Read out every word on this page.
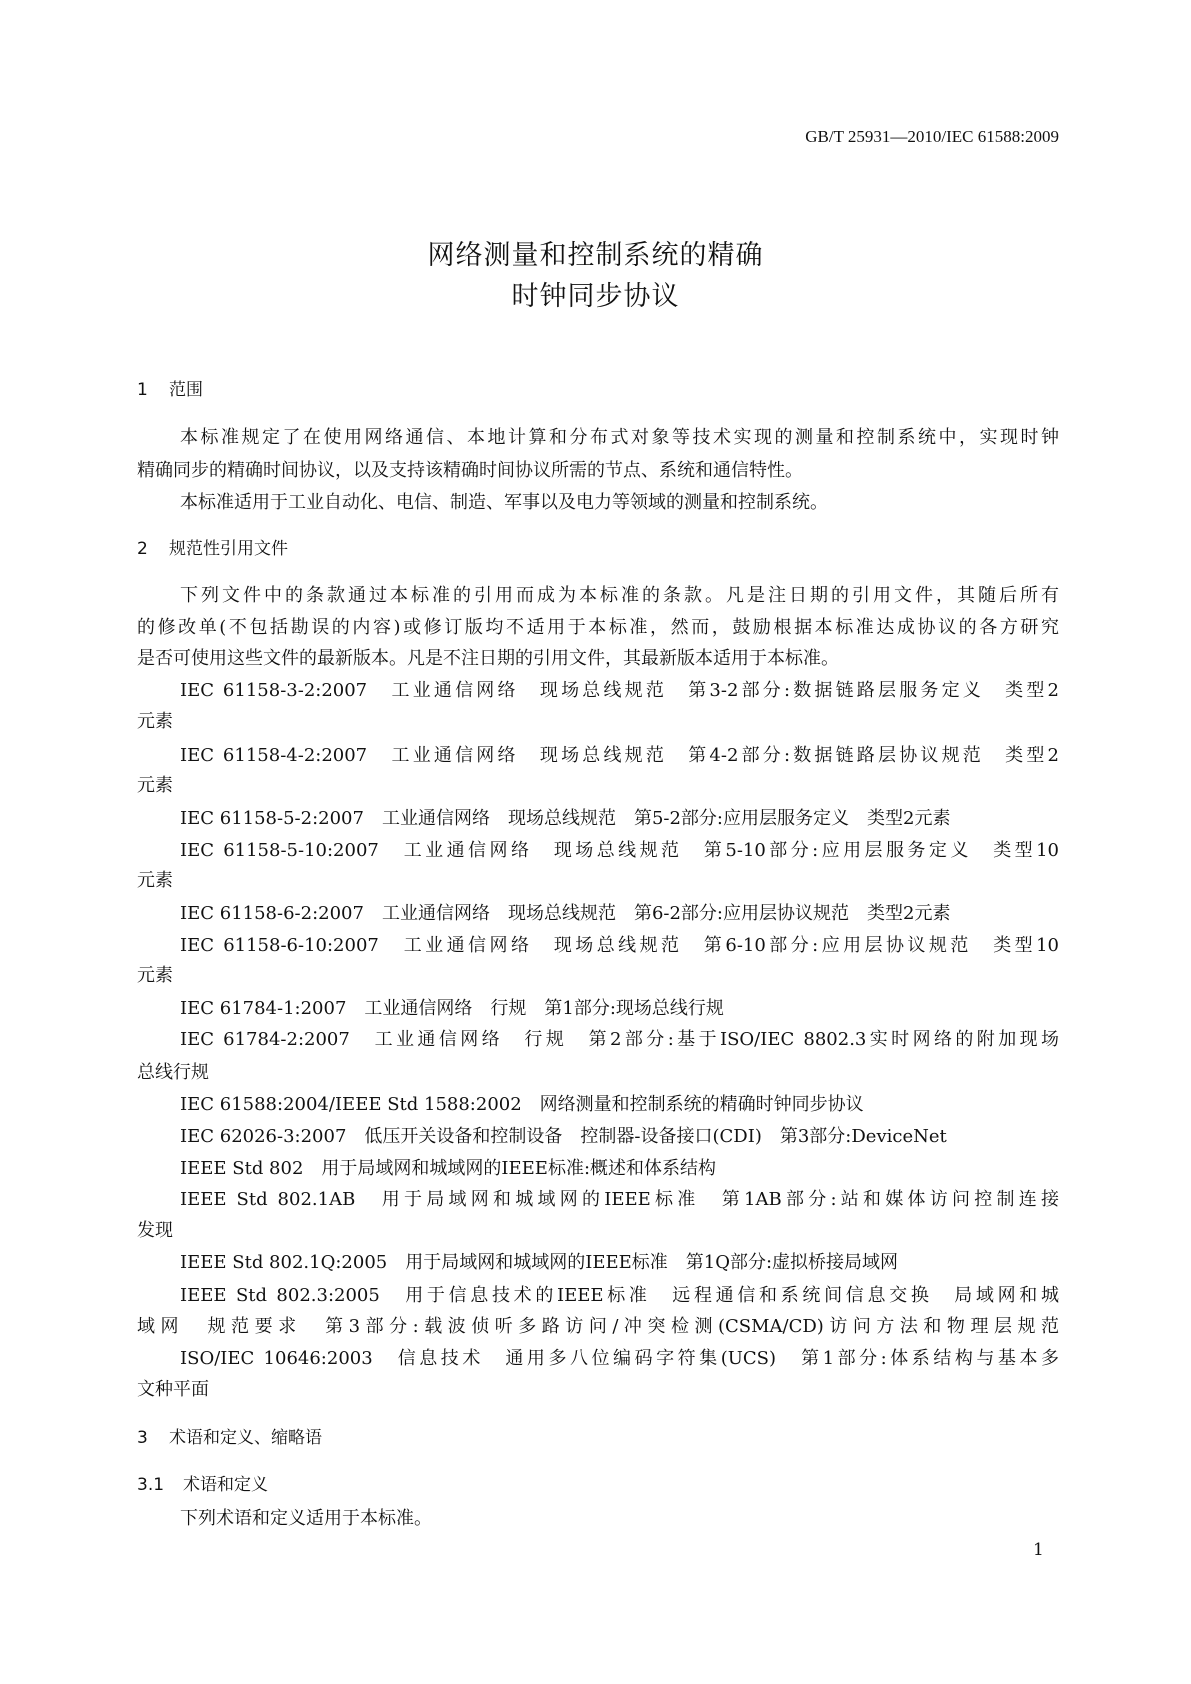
GB/T 25931—2010/IEC 61588:2009
网络测量和控制系统的精确
时钟同步协议
1 范围
本标准规定了在使用网络通信、本地计算和分布式对象等技术实现的测量和控制系统中，实现时钟
精确同步的精确时间协议，以及支持该精确时间协议所需的节点、系统和通信特性。
本标准适用于工业自动化、电信、制造、军事以及电力等领域的测量和控制系统。
2 规范性引用文件
下列文件中的条款通过本标准的引用而成为本标准的条款。凡是注日期的引用文件，其随后所有
的修改单(不包括勘误的内容)或修订版均不适用于本标准，然而，鼓励根据本标准达成协议的各方研究
是否可使用这些文件的最新版本。凡是不注日期的引用文件，其最新版本适用于本标准。
IEC 61158-3-2:2007　工业通信网络　现场总线规范　第3-2部分:数据链路层服务定义　类型2
元素
IEC 61158-4-2:2007　工业通信网络　现场总线规范　第4-2部分:数据链路层协议规范　类型2
元素
IEC 61158-5-2:2007　工业通信网络　现场总线规范　第5-2部分:应用层服务定义　类型2元素
IEC 61158-5-10:2007　工业通信网络　现场总线规范　第5-10部分:应用层服务定义　类型10
元素
IEC 61158-6-2:2007　工业通信网络　现场总线规范　第6-2部分:应用层协议规范　类型2元素
IEC 61158-6-10:2007　工业通信网络　现场总线规范　第6-10部分:应用层协议规范　类型10
元素
IEC 61784-1:2007　工业通信网络　行规　第1部分:现场总线行规
IEC 61784-2:2007　工业通信网络　行规　第2部分:基于ISO/IEC 8802.3实时网络的附加现场
总线行规
IEC 61588:2004/IEEE Std 1588:2002　网络测量和控制系统的精确时钟同步协议
IEC 62026-3:2007　低压开关设备和控制设备　控制器-设备接口(CDI)　第3部分:DeviceNet
IEEE Std 802　用于局域网和城域网的IEEE标准:概述和体系结构
IEEE Std 802.1AB　用于局域网和城域网的IEEE标准　第1AB部分:站和媒体访问控制连接
发现
IEEE Std 802.1Q:2005　用于局域网和城域网的IEEE标准　第1Q部分:虚拟桥接局域网
IEEE Std 802.3:2005　用于信息技术的IEEE标准　远程通信和系统间信息交换　局域网和城
域网　规范要求　第3部分:载波侦听多路访问/冲突检测(CSMA/CD)访问方法和物理层规范
ISO/IEC 10646:2003　信息技术　通用多八位编码字符集(UCS)　第1部分:体系结构与基本多
文种平面
3 术语和定义、缩略语
3.1 术语和定义
下列术语和定义适用于本标准。
1
